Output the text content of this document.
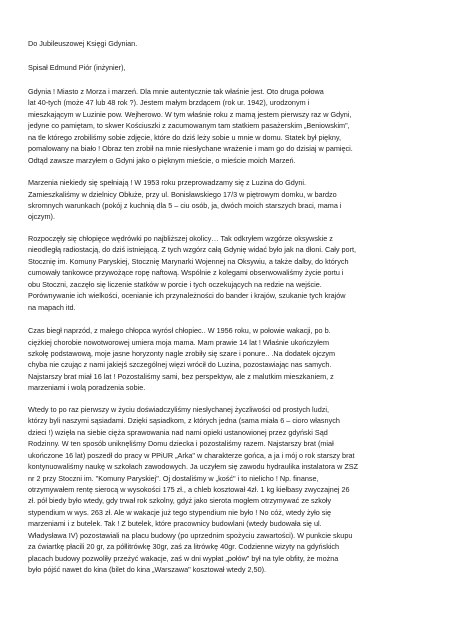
Do Jubileuszowej Księgi Gdynian.

Spisał Edmund Piór (inżynier),

Gdynia ! Miasto z Morza i marzeń. Dla mnie autentycznie tak właśnie jest. Oto druga połowa
lat 40-tych (może 47 lub 48 rok ?). Jestem małym brzdącem (rok ur. 1942), urodzonym i
mieszkającym w Luzinie pow. Wejherowo. W tym właśnie roku z mamą jestem pierwszy raz w Gdyni,
jedyne co pamiętam, to skwer Kościuszki z zacumowanym tam statkiem pasażerskim „Beniowskim",
na tle którego zrobiliśmy sobie zdjęcie, które do dziś leży sobie u mnie w domu. Statek był piękny,
pomalowany na biało ! Obraz ten zrobił na mnie niesłychane wrażenie i mam go do dzisiaj w pamięci.
Odtąd zawsze marzyłem o Gdyni jako o pięknym mieście, o mieście moich Marzeń.

Marzenia niekiedy się spełniają ! W 1953 roku przeprowadzamy się z Luzina do Gdyni.
Zamieszkaliśmy w dzielnicy Obłuże, przy ul. Bonisławskiego 17/3 w piętrowym domku, w bardzo
skromnych warunkach (pokój z kuchnią dla 5 – ciu osób, ja, dwóch moich starszych braci, mama i
ojczym).

Rozpoczęły się chłopięce wędrówki po najbliższej okolicy… Tak odkryłem wzgórze oksywskie z
nieodległą radiostacją, do dziś istniejącą. Z tych wzgórz całą Gdynię widać było jak na dłoni. Cały port,
Stocznię im. Komuny Paryskiej, Stocznię Marynarki Wojennej na Oksywiu, a także dalby, do których
cumowały tankowce przywożące ropę naftową. Wspólnie z kolegami obserwowaliśmy życie portu i
obu Stoczni, zaczęło się liczenie statków w porcie i tych oczekujących na redzie na wejście.
Porównywanie ich wielkości, ocenianie ich przynależności do bander i krajów, szukanie tych krajów
na mapach itd.

Czas biegł naprzód, z małego chłopca wyrósł chłopiec.. W 1956 roku, w połowie wakacji, po b.
ciężkiej chorobie nowotworowej umiera moja mama. Mam prawie 14 lat ! Właśnie ukończyłem
szkołę podstawową, moje jasne horyzonty nagle zrobiły się szare i ponure.. .Na dodatek ojczym
chyba nie czując z nami jakiejś szczególnej więzi wrócił do Luzina, pozostawiając nas samych.
Najstarszy brat miał 16 lat ! Pozostaliśmy sami, bez perspektyw, ale z malutkim mieszkaniem, z
marzeniami i wolą poradzenia sobie.

Wtedy to po raz pierwszy w życiu doświadczyliśmy niesłychanej życzliwości od prostych ludzi,
którzy byli naszymi sąsiadami. Dzięki sąsiadkom, z których jedna (sama miała 6 – cioro własnych
dzieci !) wzięła na siebie cięża sprawowania nad nami opieki ustanowionej przez gdyński Sąd
Rodzinny. W ten sposób uniknęliśmy Domu dziecka i pozostaliśmy razem. Najstarszy brat (miał
ukończone 16 lat) poszedł do pracy w PPiUR „Arka" w charakterze gońca, a ja i mój o rok starszy brat
kontynuowaliśmy naukę w szkołach zawodowych. Ja uczyłem się zawodu hydraulika instalatora w ZSZ
nr 2 przy Stoczni im. "Komuny Paryskiej". Oj dostaliśmy w „kość" i to nielicho ! Np. finanse,
otrzymywałem rentę sierocą w wysokości 175 zł., a chleb kosztował 4zł. 1 kg kiełbasy zwyczajnej 26
zł. pół biedy było wtedy, gdy trwał rok szkolny, gdyż jako sierota mogłem otrzymywać ze szkoły
stypendium w wys. 263 zł. Ale w wakacje już tego stypendium nie było ! No cóż, wtedy żyło się
marzeniami i z butelek. Tak ! Z butelek, które pracownicy budowlani (wtedy budowała się ul.
Władysława IV) pozostawiali na placu budowy (po uprzednim spożyciu zawartości). W punkcie skupu
za ćwiartkę płacili 20 gr, za półlitrówkę 30gr, zaś za litrówkę 40gr. Codzienne wizyty na gdyńskich
placach budowy pozwoliły przeżyć wakacje, zaś w dni wypłat „połów" był na tyle obfity, że można
było pójść nawet do kina (bilet do kina „Warszawa" kosztował wtedy 2,50).
